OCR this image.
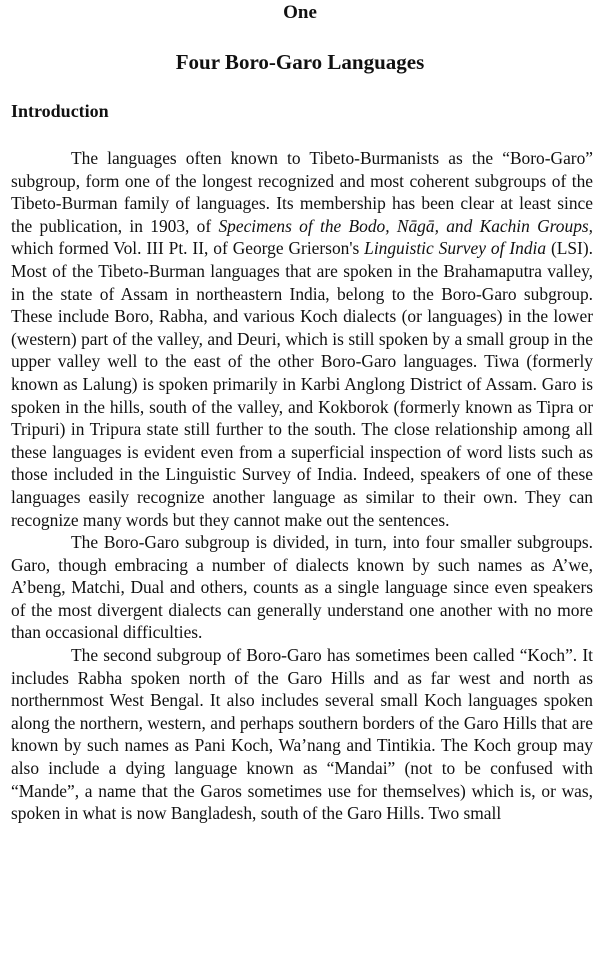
One
Four Boro-Garo Languages
Introduction

The languages often known to Tibeto-Burmanists as the “Boro-Garo” subgroup, form one of the longest recognized and most coherent subgroups of the Tibeto-Burman family of languages. Its membership has been clear at least since the publication, in 1903, of Specimens of the Bodo, Nāgā, and Kachin Groups, which formed Vol. III Pt. II, of George Grierson's Linguistic Survey of India (LSI). Most of the Tibeto-Burman languages that are spoken in the Brahamaputra valley, in the state of Assam in northeastern India, belong to the Boro-Garo subgroup. These include Boro, Rabha, and various Koch dialects (or languages) in the lower (western) part of the valley, and Deuri, which is still spoken by a small group in the upper valley well to the east of the other Boro-Garo languages. Tiwa (formerly known as Lalung) is spoken primarily in Karbi Anglong District of Assam. Garo is spoken in the hills, south of the valley, and Kokborok (formerly known as Tipra or Tripuri) in Tripura state still further to the south. The close relationship among all these languages is evident even from a superficial inspection of word lists such as those included in the Linguistic Survey of India. Indeed, speakers of one of these languages easily recognize another language as similar to their own. They can recognize many words but they cannot make out the sentences.

The Boro-Garo subgroup is divided, in turn, into four smaller subgroups. Garo, though embracing a number of dialects known by such names as A’we, A’beng, Matchi, Dual and others, counts as a single language since even speakers of the most divergent dialects can generally understand one another with no more than occasional difficulties.

The second subgroup of Boro-Garo has sometimes been called “Koch”. It includes Rabha spoken north of the Garo Hills and as far west and north as northernmost West Bengal. It also includes several small Koch languages spoken along the northern, western, and perhaps southern borders of the Garo Hills that are known by such names as Pani Koch, Wa’nang and Tintikia. The Koch group may also include a dying language known as “Mandai” (not to be confused with “Mande”, a name that the Garos sometimes use for themselves) which is, or was, spoken in what is now Bangladesh, south of the Garo Hills. Two small
